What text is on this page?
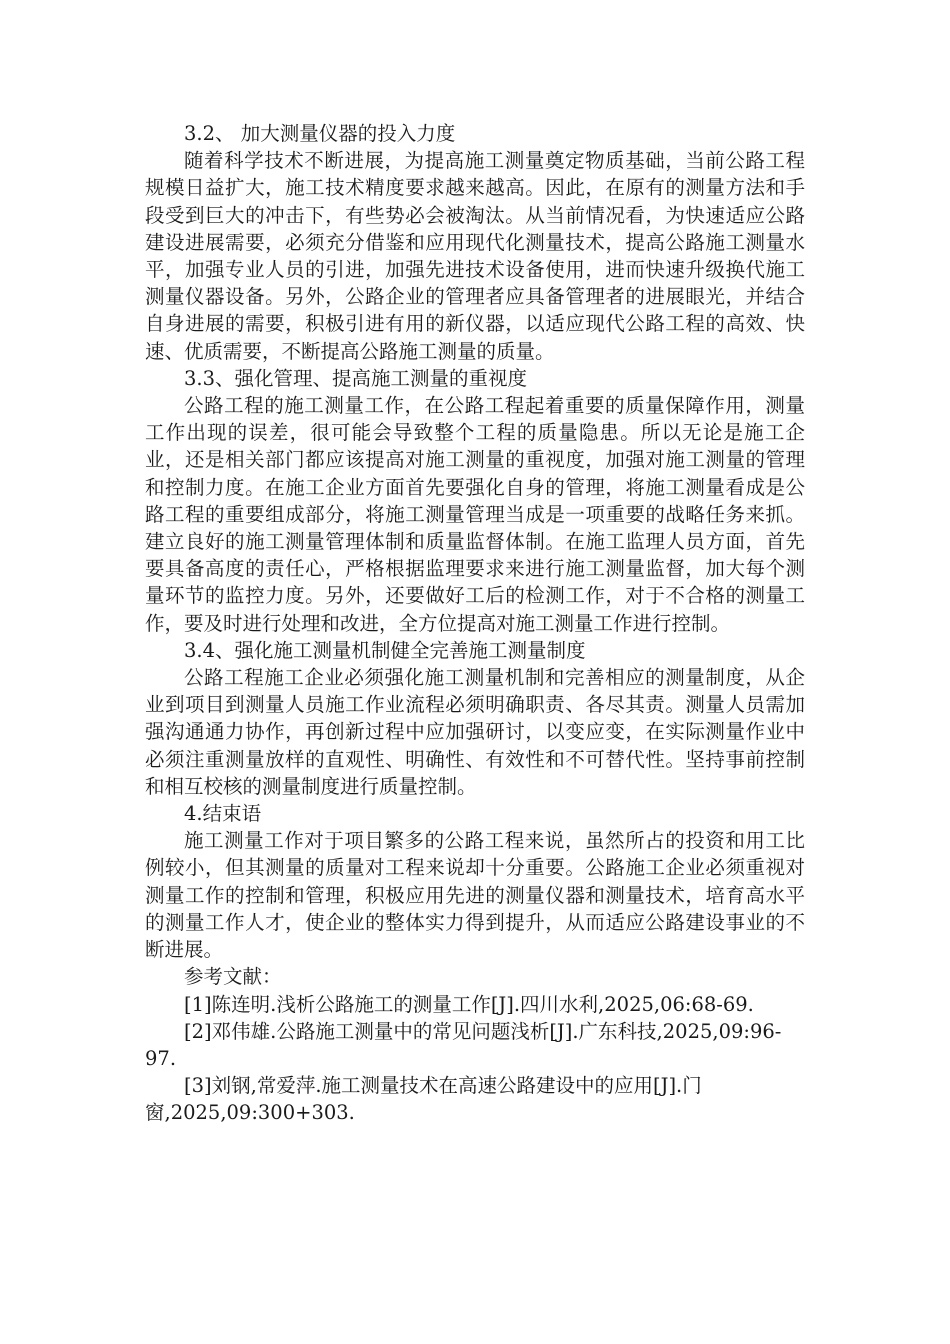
3.2、 加大测量仪器的投入力度

随着科学技术不断进展，为提高施工测量奠定物质基础，当前公路工程规模日益扩大，施工技术精度要求越来越高。因此，在原有的测量方法和手段受到巨大的冲击下，有些势必会被淘汰。从当前情况看，为快速适应公路建设进展需要，必须充分借鉴和应用现代化测量技术，提高公路施工测量水平，加强专业人员的引进，加强先进技术设备使用，进而快速升级换代施工测量仪器设备。另外，公路企业的管理者应具备管理者的进展眼光，并结合自身进展的需要，积极引进有用的新仪器，以适应现代公路工程的高效、快速、优质需要，不断提高公路施工测量的质量。

3.3、强化管理、提高施工测量的重视度

公路工程的施工测量工作，在公路工程起着重要的质量保障作用，测量工作出现的误差，很可能会导致整个工程的质量隐患。所以无论是施工企业，还是相关部门都应该提高对施工测量的重视度，加强对施工测量的管理和控制力度。在施工企业方面首先要强化自身的管理，将施工测量看成是公路工程的重要组成部分，将施工测量管理当成是一项重要的战略任务来抓。建立良好的施工测量管理体制和质量监督体制。在施工监理人员方面，首先要具备高度的责任心，严格根据监理要求来进行施工测量监督，加大每个测量环节的监控力度。另外，还要做好工后的检测工作，对于不合格的测量工作，要及时进行处理和改进，全方位提高对施工测量工作进行控制。

3.4、强化施工测量机制健全完善施工测量制度

公路工程施工企业必须强化施工测量机制和完善相应的测量制度，从企业到项目到测量人员施工作业流程必须明确职责、各尽其责。测量人员需加强沟通通力协作，再创新过程中应加强研讨，以变应变，在实际测量作业中必须注重测量放样的直观性、明确性、有效性和不可替代性。坚持事前控制和相互校核的测量制度进行质量控制。

4.结束语

施工测量工作对于项目繁多的公路工程来说，虽然所占的投资和用工比例较小，但其测量的质量对工程来说却十分重要。公路施工企业必须重视对测量工作的控制和管理，积极应用先进的测量仪器和测量技术，培育高水平的测量工作人才，使企业的整体实力得到提升，从而适应公路建设事业的不断进展。

参考文献：

[1]陈连明.浅析公路施工的测量工作[J].四川水利,2025,06:68-69.

[2]邓伟雄.公路施工测量中的常见问题浅析[J].广东科技,2025,09:96-97.

[3]刘钢,常爱萍.施工测量技术在高速公路建设中的应用[J].门窗,2025,09:300+303.
